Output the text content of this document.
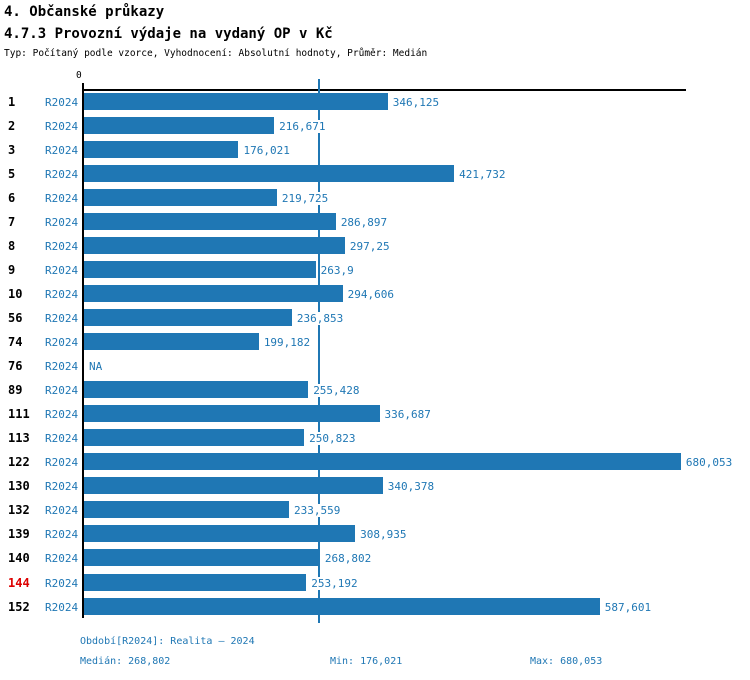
4. Občanské průkazy
4.7.3 Provozní výdaje na vydaný OP v Kč
Typ: Počítaný podle vzorce, Vyhodnocení: Absolutní hodnoty, Průměr: Medián
0
1	R2024	346,125
2	R2024	216,671
3	R2024	176,021
5	R2024	421,732
6	R2024	219,725
7	R2024	286,897
8	R2024	297,25
9	R2024	263,9
10 R2024	294,606
56 R2024	236,853
74 R2024	199,182
76 R2024 NA
89 R2024	255,428
111 R2024	336,687
113 R2024	250,823
122 R2024	680,053
130 R2024	340,378
132 R2024	233,559
139 R2024	308,935
140 R2024	268,802
144 R2024	253,192
152 R2024	587,601
Období[R2024]: Realita – 2024
Medián: 268,802	Min: 176,021	Max: 680,053
